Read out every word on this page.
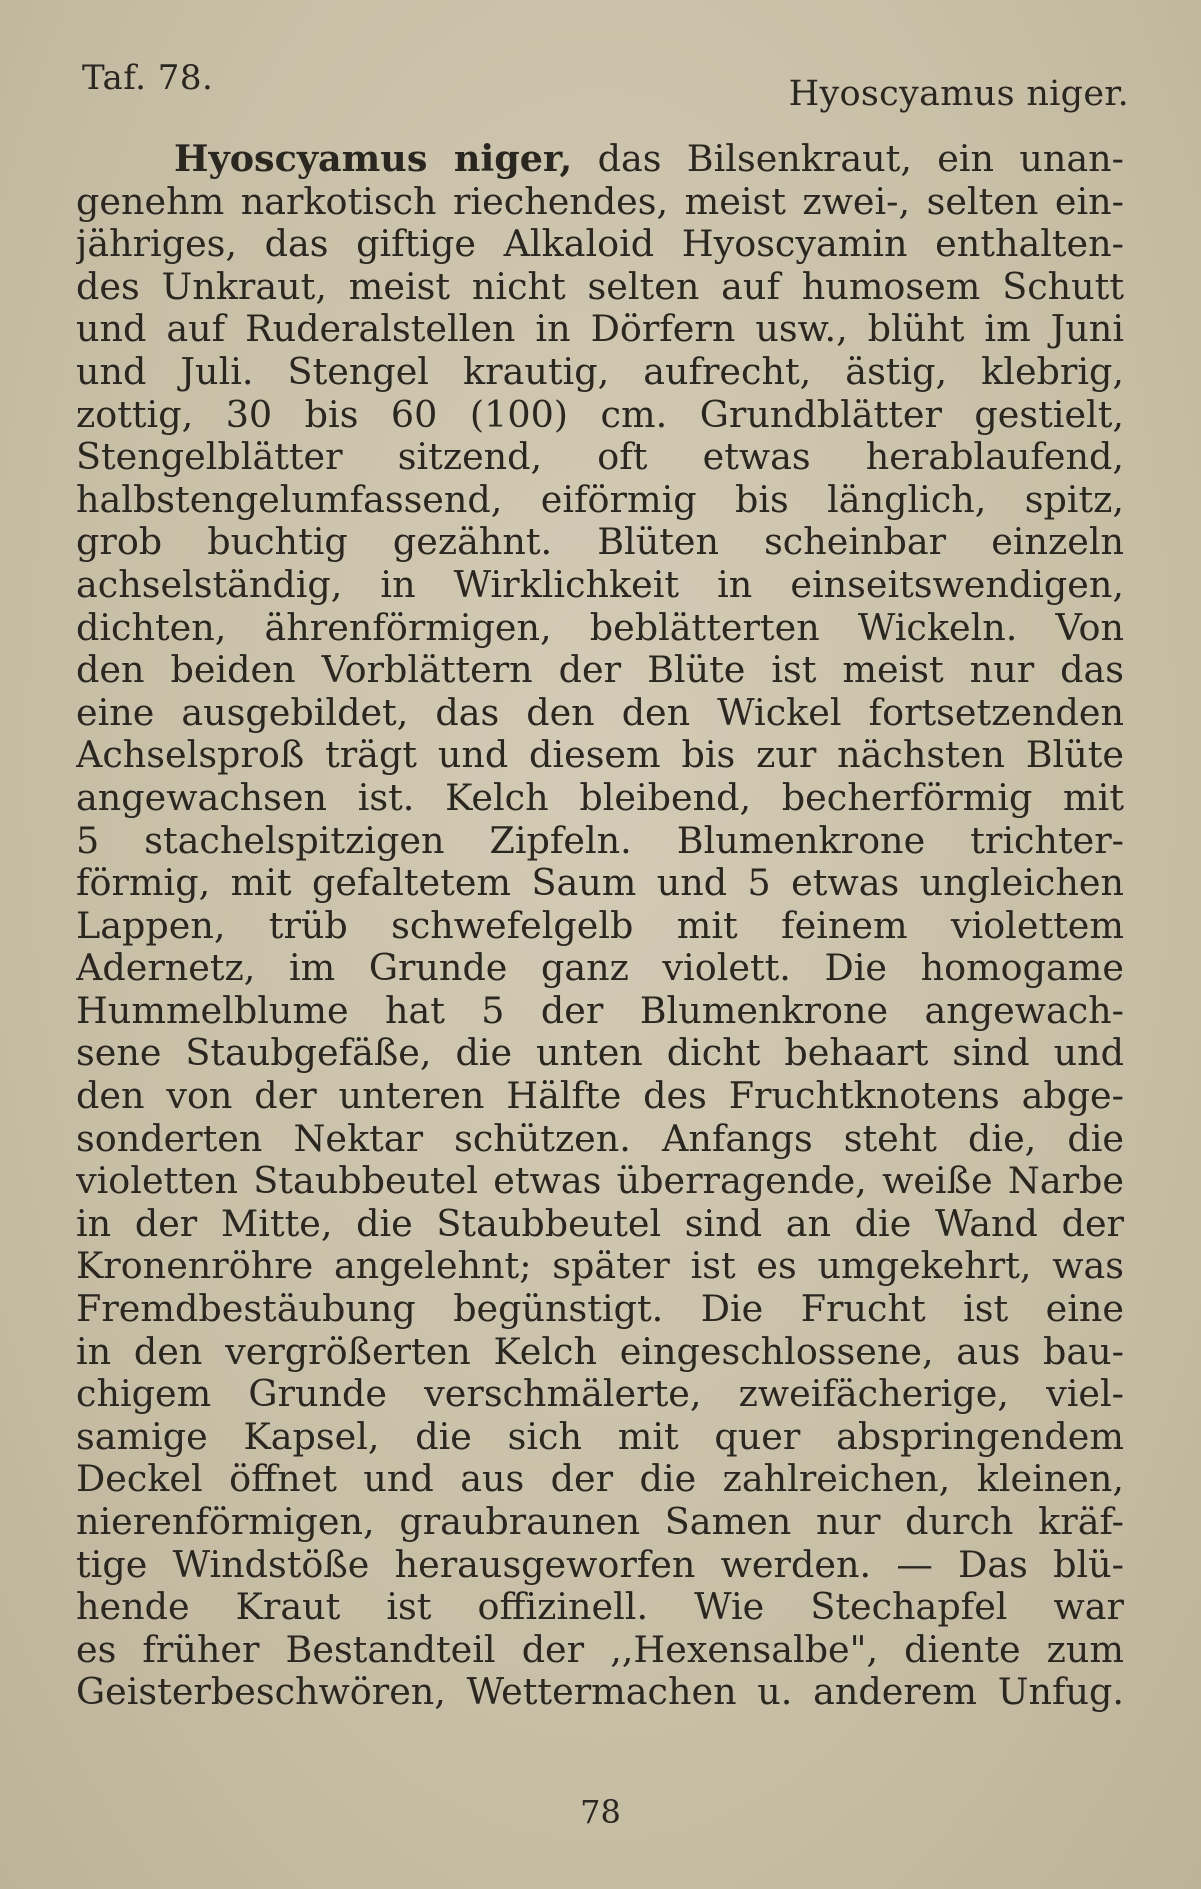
Taf. 78.	Hyoscyamus niger.
Hyoscyamus niger, das Bilsenkraut, ein unan-
genehm narkotisch riechendes, meist zwei-, selten ein-
jähriges, das giftige Alkaloid Hyoscyamin enthalten-
des Unkraut, meist nicht selten auf humosem Schutt
und auf Ruderalstellen in Dörfern usw., blüht im Juni
und Juli. Stengel krautig, aufrecht, ästig, klebrig,
zottig, 30 bis 60 (100) cm. Grundblätter gestielt,
Stengelblätter sitzend, oft etwas herablaufend,
halbstengelumfassend, eiförmig bis länglich, spitz,
grob buchtig gezähnt. Blüten scheinbar einzeln
achselständig, in Wirklichkeit in einseitswendigen,
dichten, ährenförmigen, beblätterten Wickeln. Von
den beiden Vorblättern der Blüte ist meist nur das
eine ausgebildet, das den den Wickel fortsetzenden
Achselsproß trägt und diesem bis zur nächsten Blüte
angewachsen ist. Kelch bleibend, becherförmig mit
5 stachelspitzigen Zipfeln. Blumenkrone trichter-
förmig, mit gefaltetem Saum und 5 etwas ungleichen
Lappen, trüb schwefelgelb mit feinem violettem
Adernetz, im Grunde ganz violett. Die homogame
Hummelblume hat 5 der Blumenkrone angewach-
sene Staubgefäße, die unten dicht behaart sind und
den von der unteren Hälfte des Fruchtknotens abge-
sonderten Nektar schützen. Anfangs steht die, die
violetten Staubbeutel etwas überragende, weiße Narbe
in der Mitte, die Staubbeutel sind an die Wand der
Kronenröhre angelehnt; später ist es umgekehrt, was
Fremdbestäubung begünstigt. Die Frucht ist eine
in den vergrößerten Kelch eingeschlossene, aus bau-
chigem Grunde verschmälerte, zweifächerige, viel-
samige Kapsel, die sich mit quer abspringendem
Deckel öffnet und aus der die zahlreichen, kleinen,
nierenförmigen, graubraunen Samen nur durch kräf-
tige Windstöße herausgeworfen werden. — Das blü-
hende Kraut ist offizinell. Wie Stechapfel war
es früher Bestandteil der ,,Hexensalbe", diente zum
Geisterbeschwören, Wettermachen u. anderem Unfug.
78
